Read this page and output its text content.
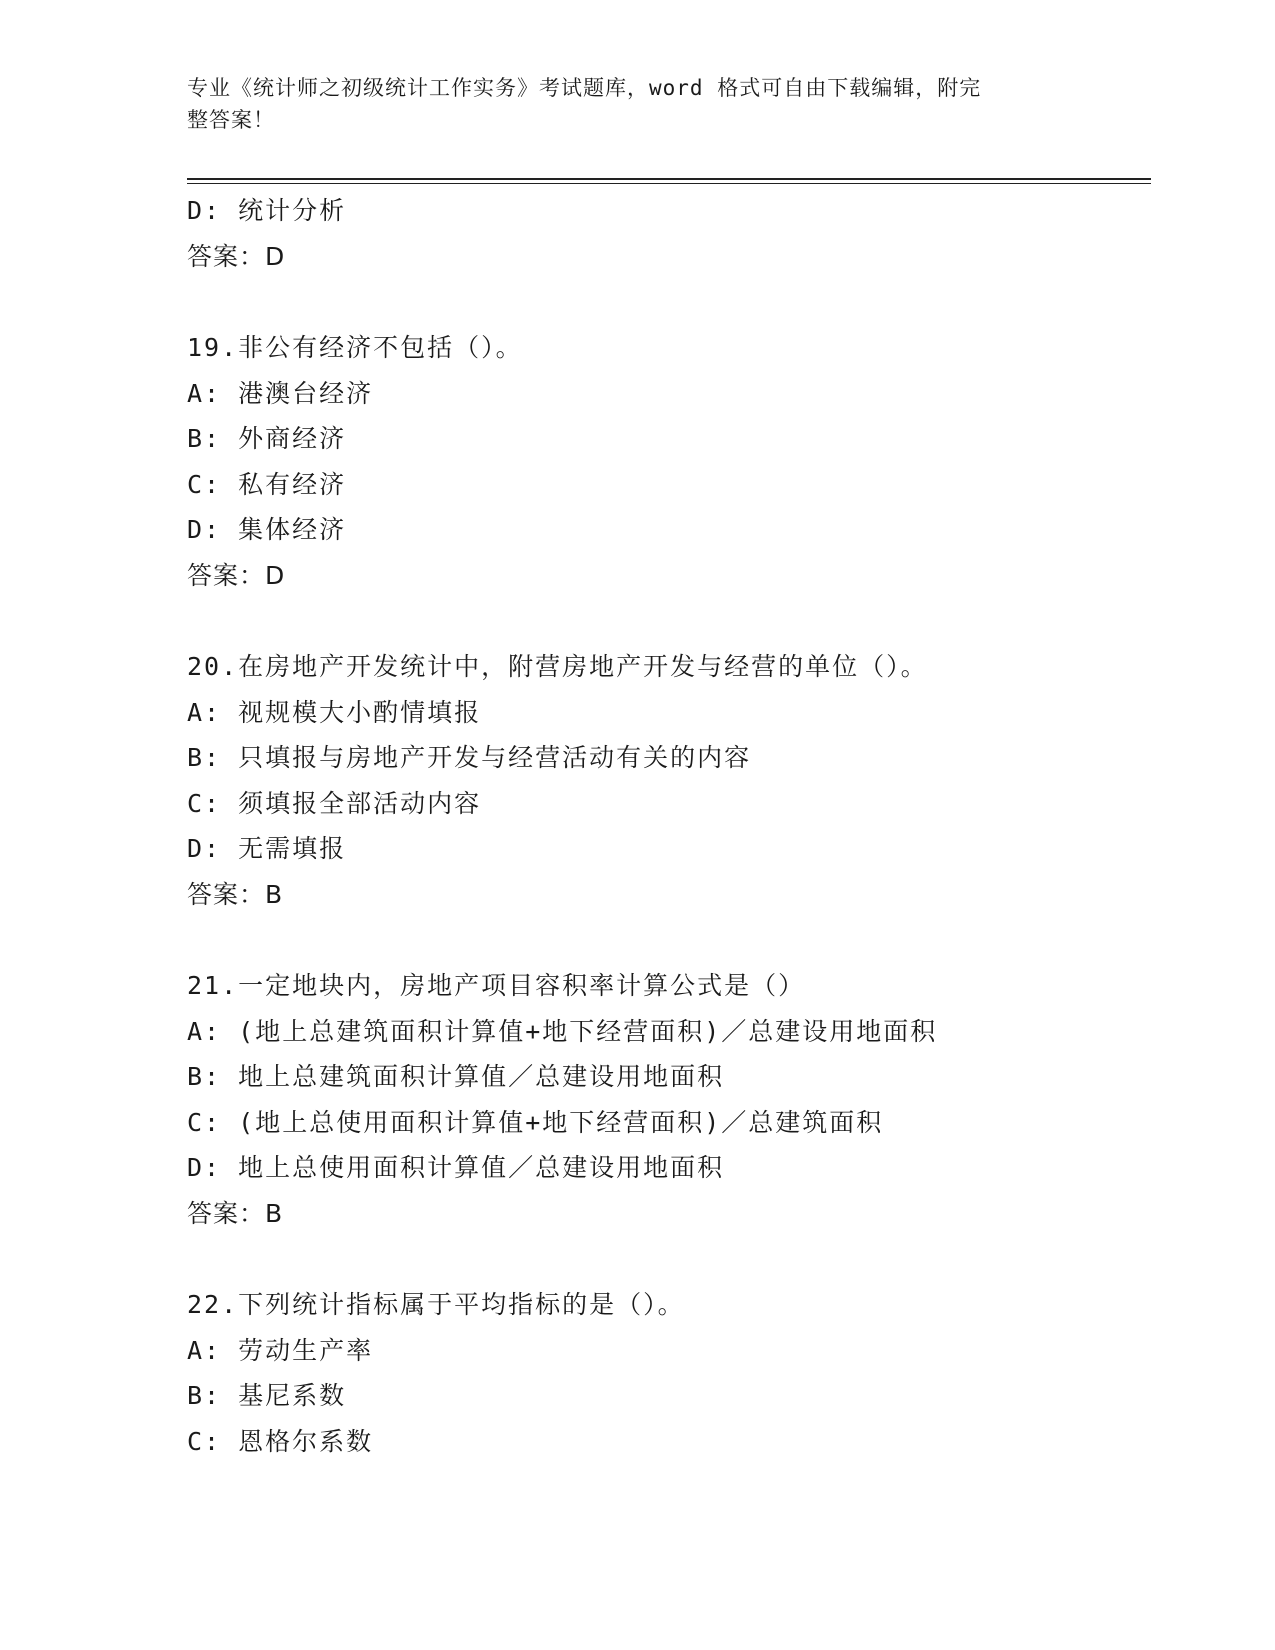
专业《统计师之初级统计工作实务》考试题库，word 格式可自由下载编辑，附完
整答案！
D: 统计分析
答案：D
19.非公有经济不包括（）。
A: 港澳台经济
B: 外商经济
C: 私有经济
D: 集体经济
答案：D
20.在房地产开发统计中，附营房地产开发与经营的单位（）。
A: 视规模大小酌情填报
B: 只填报与房地产开发与经营活动有关的内容
C: 须填报全部活动内容
D: 无需填报
答案：B
21.一定地块内，房地产项目容积率计算公式是（）
A: (地上总建筑面积计算值+地下经营面积)／总建设用地面积
B: 地上总建筑面积计算值／总建设用地面积
C: (地上总使用面积计算值+地下经营面积)／总建筑面积
D: 地上总使用面积计算值／总建设用地面积
答案：B
22.下列统计指标属于平均指标的是（）。
A: 劳动生产率
B: 基尼系数
C: 恩格尔系数
